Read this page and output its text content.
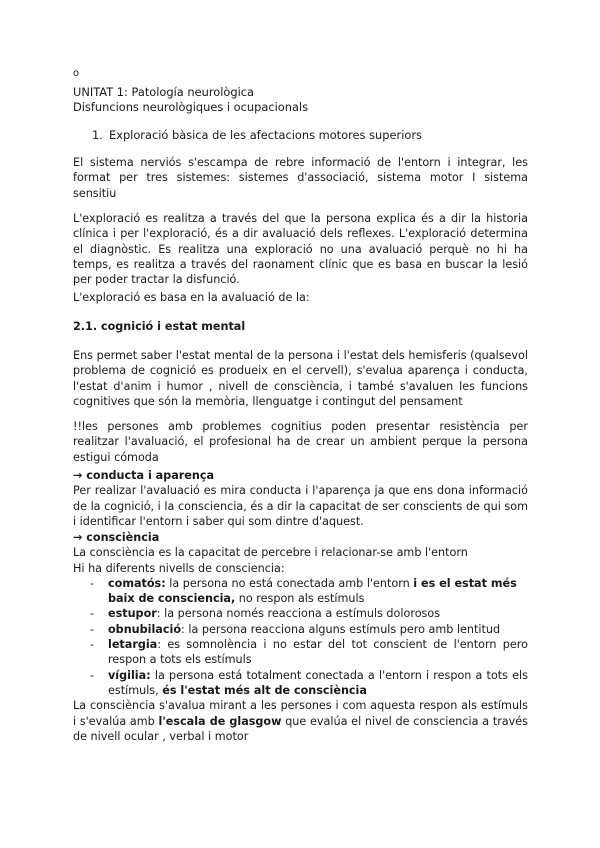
o
UNITAT 1: Patología neurològica
Disfuncions neurològiques i ocupacionals
1. Exploració bàsica de les afectacions motores superiors
El sistema nerviós s'escampa de rebre informació de l'entorn i integrar, les format per tres sistemes: sistemes d'associació, sistema motor I sistema sensitiu
L'exploració es realitza a través del que la persona explica és a dir la historia clínica i per l'exploració, és a dir avaluació dels reflexes. L'exploració determina el diagnòstic. Es realitza una exploració no una avaluació perquè no hi ha temps, es realitza a través del raonament clínic que es basa en buscar la lesió per poder tractar la disfunció.
L'exploració es basa en la avaluació de la:
2.1. cognició i estat mental
Ens permet saber l'estat mental de la persona i l'estat dels hemisferis (qualsevol problema de cognició es produeix en el cervell), s'evalua aparença i conducta, l'estat d'anim i humor , nivell de consciència, i també s'avaluen les funcions cognitives que són la memòria, llenguatge i contingut del pensament
!!les persones amb problemes cognitius poden presentar resistència per realitzar l'avaluació, el profesional ha de crear un ambient perque la persona estigui cómoda
→ conducta i aparença
Per realizar l'avaluació es mira conducta i l'aparença ja que ens dona informació de la cognició, i la consciencia, és a dir la capacitat de ser conscients de qui som i identificar l'entorn i saber qui som dintre d'aquest.
→ consciència
La consciència es la capacitat de percebre i relacionar-se amb l'entorn
Hi ha diferents nivells de consciencia:
- comatós: la persona no está conectada amb l'entorn i es el estat més baix de consciencia, no respon als estímuls
- estupor: la persona només reacciona a estímuls dolorosos
- obnubilació: la persona reacciona alguns estímuls pero amb lentitud
- letargia: es somnolència i no estar del tot conscient de l'entorn pero respon a tots els estímuls
- vígilia: la persona está totalment conectada a l'entorn i respon a tots els estímuls, és l'estat més alt de consciència
La consciència s'avalua mirant a les persones i com aquesta respon als estímuls i s'evalúa amb l'escala de glasgow que evalúa el nivel de consciencia a través de nivell ocular , verbal i motor
